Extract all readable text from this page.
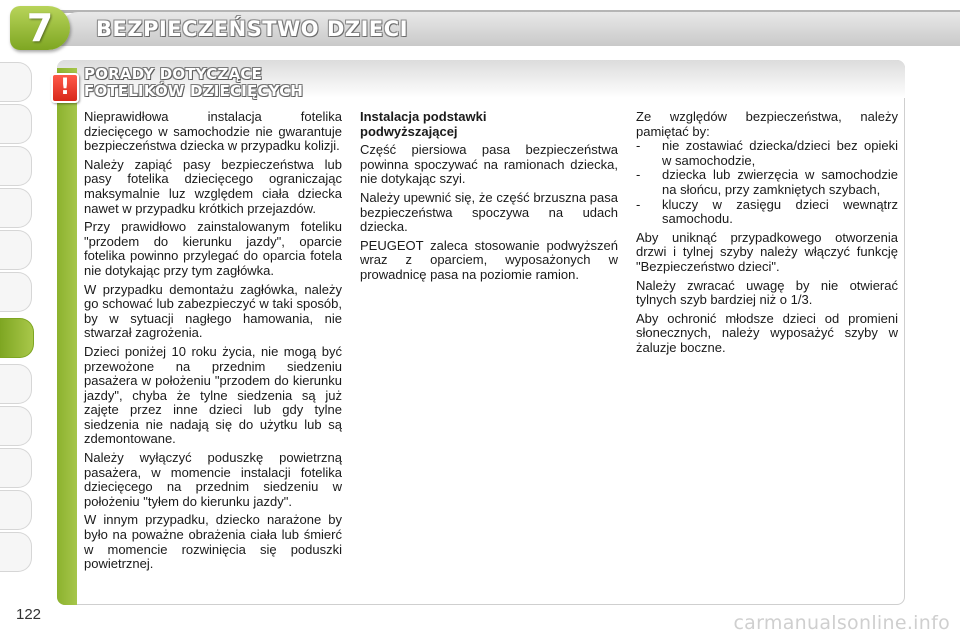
7	BEZPIECZEŃSTWO DZIECI
!
PORADY DOTYCZĄCE
FOTELIKÓW DZIECIĘCYCH

Nieprawidłowa instalacja fotelika dziecięcego w samochodzie nie gwarantuje bezpieczeństwa dziecka w przypadku kolizji.

Należy zapiąć pasy bezpieczeństwa lub pasy fotelika dziecięcego ograniczając maksymalnie luz względem ciała dziecka nawet w przypadku krótkich przejazdów.

Przy prawidłowo zainstalowanym foteliku "przodem do kierunku jazdy", oparcie fotelika powinno przylegać do oparcia fotela nie dotykając przy tym zagłówka.

W przypadku demontażu zagłówka, należy go schować lub zabezpieczyć w taki sposób, by w sytuacji nagłego hamowania, nie stwarzał zagrożenia.

Dzieci poniżej 10 roku życia, nie mogą być przewożone na przednim siedzeniu pasażera w położeniu "przodem do kierunku jazdy", chyba że tylne siedzenia są już zajęte przez inne dzieci lub gdy tylne siedzenia nie nadają się do użytku lub są zdemontowane.

Należy wyłączyć poduszkę powietrzną pasażera, w momencie instalacji fotelika dziecięcego na przednim siedzeniu w położeniu "tyłem do kierunku jazdy".

W innym przypadku, dziecko narażone by było na poważne obrażenia ciała lub śmierć w momencie rozwinięcia się poduszki powietrznej.

Instalacja podstawki
podwyższającej

Część piersiowa pasa bezpieczeństwa powinna spoczywać na ramionach dziecka, nie dotykając szyi.

Należy upewnić się, że część brzuszna pasa bezpieczeństwa spoczywa na udach dziecka.

PEUGEOT zaleca stosowanie podwyższeń wraz z oparciem, wyposażonych w prowadnicę pasa na poziomie ramion.

Ze względów bezpieczeństwa, należy pamiętać by:

-	nie zostawiać dziecka/dzieci bez opieki w samochodzie,
-	dziecka lub zwierzęcia w samochodzie na słońcu, przy zamkniętych szybach,
-	kluczy w zasięgu dzieci wewnątrz samochodu.

Aby uniknąć przypadkowego otworzenia drzwi i tylnej szyby należy włączyć funkcję "Bezpieczeństwo dzieci".

Należy zwracać uwagę by nie otwierać tylnych szyb bardziej niż o 1/3.

Aby ochronić młodsze dzieci od promieni słonecznych, należy wyposażyć szyby w żaluzje boczne.

122	carmanualsonline.info
